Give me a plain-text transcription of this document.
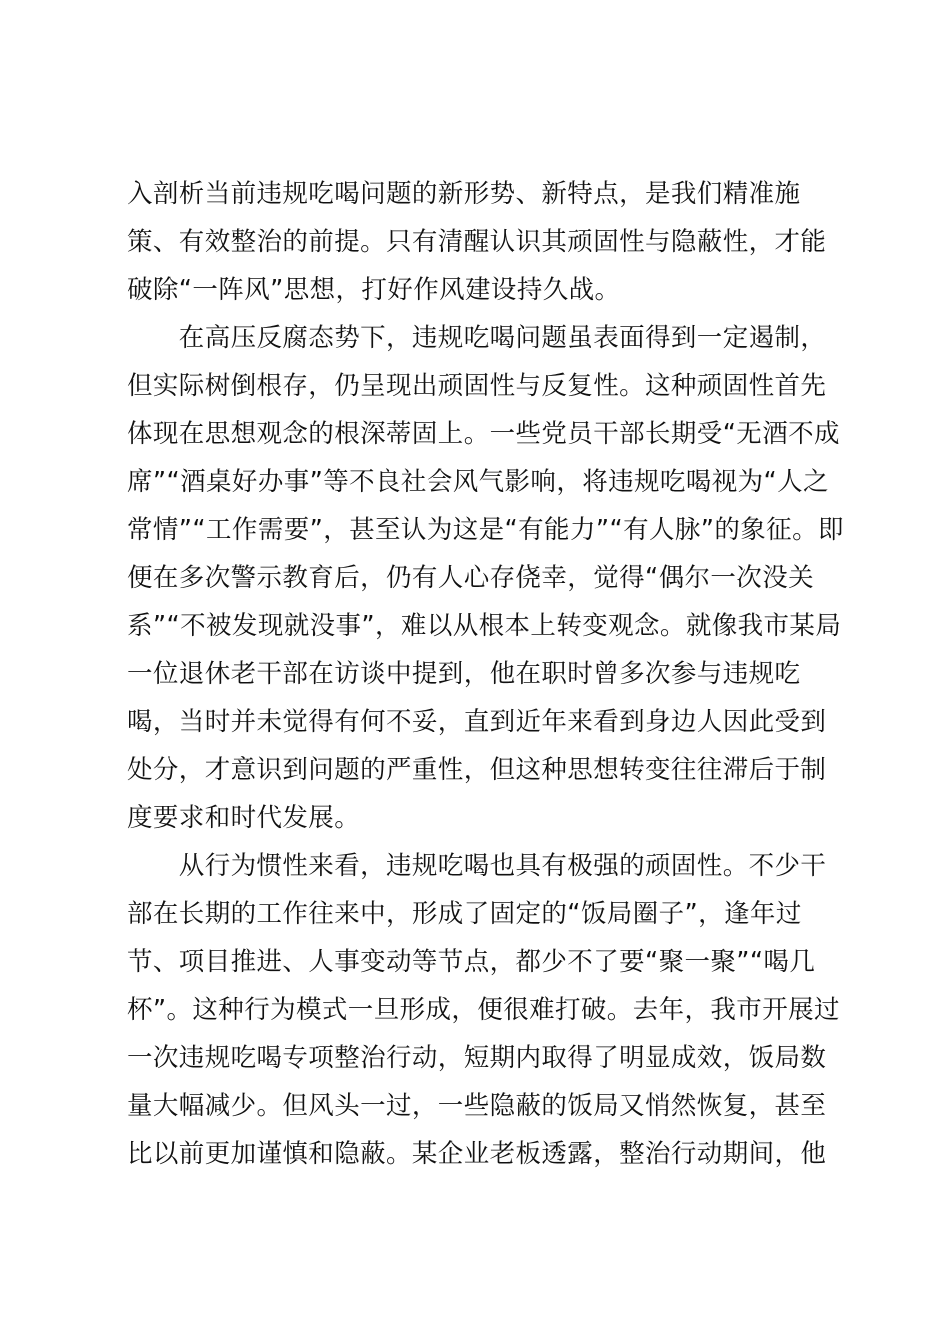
入剖析当前违规吃喝问题的新形势、新特点，是我们精准施
策、有效整治的前提。只有清醒认识其顽固性与隐蔽性，才能
破除“一阵风”思想，打好作风建设持久战。
　　在高压反腐态势下，违规吃喝问题虽表面得到一定遏制，
但实际树倒根存，仍呈现出顽固性与反复性。这种顽固性首先
体现在思想观念的根深蒂固上。一些党员干部长期受“无酒不成
席”“酒桌好办事”等不良社会风气影响，将违规吃喝视为“人之
常情”“工作需要”，甚至认为这是“有能力”“有人脉”的象征。即
便在多次警示教育后，仍有人心存侥幸，觉得“偶尔一次没关
系”“不被发现就没事”，难以从根本上转变观念。就像我市某局
一位退休老干部在访谈中提到，他在职时曾多次参与违规吃
喝，当时并未觉得有何不妥，直到近年来看到身边人因此受到
处分，才意识到问题的严重性，但这种思想转变往往滞后于制
度要求和时代发展。
　　从行为惯性来看，违规吃喝也具有极强的顽固性。不少干
部在长期的工作往来中，形成了固定的“饭局圈子”，逢年过
节、项目推进、人事变动等节点，都少不了要“聚一聚”“喝几
杯”。这种行为模式一旦形成，便很难打破。去年，我市开展过
一次违规吃喝专项整治行动，短期内取得了明显成效，饭局数
量大幅减少。但风头一过，一些隐蔽的饭局又悄然恢复，甚至
比以前更加谨慎和隐蔽。某企业老板透露，整治行动期间，他
